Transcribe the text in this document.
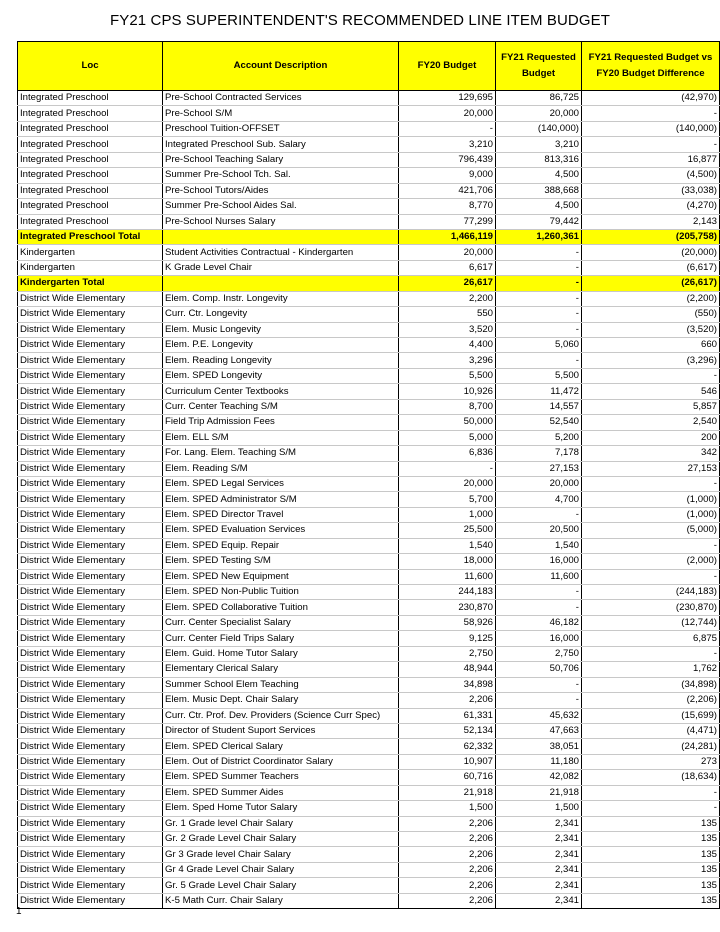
FY21 CPS SUPERINTENDENT'S RECOMMENDED LINE ITEM BUDGET
Loc	Account Description	FY20 Budget	FY21 Requested Budget	FY21 Requested Budget vs FY20 Budget Difference
Integrated Preschool	Pre-School Contracted Services	129,695	86,725	(42,970)
Integrated Preschool	Pre-School S/M	20,000	20,000	-
Integrated Preschool	Preschool Tuition-OFFSET	-	(140,000)	(140,000)
Integrated Preschool	Integrated Preschool Sub. Salary	3,210	3,210	-
Integrated Preschool	Pre-School Teaching Salary	796,439	813,316	16,877
Integrated Preschool	Summer Pre-School Tch. Sal.	9,000	4,500	(4,500)
Integrated Preschool	Pre-School Tutors/Aides	421,706	388,668	(33,038)
Integrated Preschool	Summer Pre-School Aides Sal.	8,770	4,500	(4,270)
Integrated Preschool	Pre-School Nurses Salary	77,299	79,442	2,143
Integrated Preschool Total		1,466,119	1,260,361	(205,758)
Kindergarten	Student Activities Contractual - Kindergarten	20,000	-	(20,000)
Kindergarten	K Grade Level Chair	6,617	-	(6,617)
Kindergarten Total		26,617	-	(26,617)
District Wide Elementary	Elem. Comp. Instr. Longevity	2,200	-	(2,200)
District Wide Elementary	Curr. Ctr. Longevity	550	-	(550)
District Wide Elementary	Elem. Music Longevity	3,520	-	(3,520)
District Wide Elementary	Elem. P.E. Longevity	4,400	5,060	660
District Wide Elementary	Elem. Reading Longevity	3,296	-	(3,296)
District Wide Elementary	Elem. SPED Longevity	5,500	5,500	-
District Wide Elementary	Curriculum Center Textbooks	10,926	11,472	546
District Wide Elementary	Curr. Center Teaching S/M	8,700	14,557	5,857
District Wide Elementary	Field Trip Admission Fees	50,000	52,540	2,540
District Wide Elementary	Elem. ELL S/M	5,000	5,200	200
District Wide Elementary	For. Lang. Elem. Teaching S/M	6,836	7,178	342
District Wide Elementary	Elem. Reading S/M	-	27,153	27,153
District Wide Elementary	Elem. SPED Legal Services	20,000	20,000	-
District Wide Elementary	Elem. SPED Administrator S/M	5,700	4,700	(1,000)
District Wide Elementary	Elem. SPED Director Travel	1,000	-	(1,000)
District Wide Elementary	Elem. SPED Evaluation Services	25,500	20,500	(5,000)
District Wide Elementary	Elem. SPED Equip. Repair	1,540	1,540	-
District Wide Elementary	Elem. SPED Testing S/M	18,000	16,000	(2,000)
District Wide Elementary	Elem. SPED New Equipment	11,600	11,600	-
District Wide Elementary	Elem. SPED Non-Public Tuition	244,183	-	(244,183)
District Wide Elementary	Elem. SPED Collaborative Tuition	230,870	-	(230,870)
District Wide Elementary	Curr. Center Specialist Salary	58,926	46,182	(12,744)
District Wide Elementary	Curr. Center Field Trips Salary	9,125	16,000	6,875
District Wide Elementary	Elem. Guid. Home Tutor Salary	2,750	2,750	-
District Wide Elementary	Elementary Clerical Salary	48,944	50,706	1,762
District Wide Elementary	Summer School Elem Teaching	34,898	-	(34,898)
District Wide Elementary	Elem. Music Dept. Chair Salary	2,206	-	(2,206)
District Wide Elementary	Curr. Ctr. Prof. Dev. Providers (Science Curr Spec)	61,331	45,632	(15,699)
District Wide Elementary	Director of Student Suport Services	52,134	47,663	(4,471)
District Wide Elementary	Elem. SPED Clerical Salary	62,332	38,051	(24,281)
District Wide Elementary	Elem. Out of District Coordinator Salary	10,907	11,180	273
District Wide Elementary	Elem. SPED Summer Teachers	60,716	42,082	(18,634)
District Wide Elementary	Elem. SPED Summer Aides	21,918	21,918	-
District Wide Elementary	Elem. Sped Home Tutor Salary	1,500	1,500	-
District Wide Elementary	Gr. 1 Grade level Chair Salary	2,206	2,341	135
District Wide Elementary	Gr. 2 Grade Level Chair Salary	2,206	2,341	135
District Wide Elementary	Gr 3 Grade level Chair Salary	2,206	2,341	135
District Wide Elementary	Gr 4 Grade Level Chair Salary	2,206	2,341	135
District Wide Elementary	Gr. 5 Grade Level Chair Salary	2,206	2,341	135
District Wide Elementary	K-5 Math Curr. Chair Salary	2,206	2,341	135
1
